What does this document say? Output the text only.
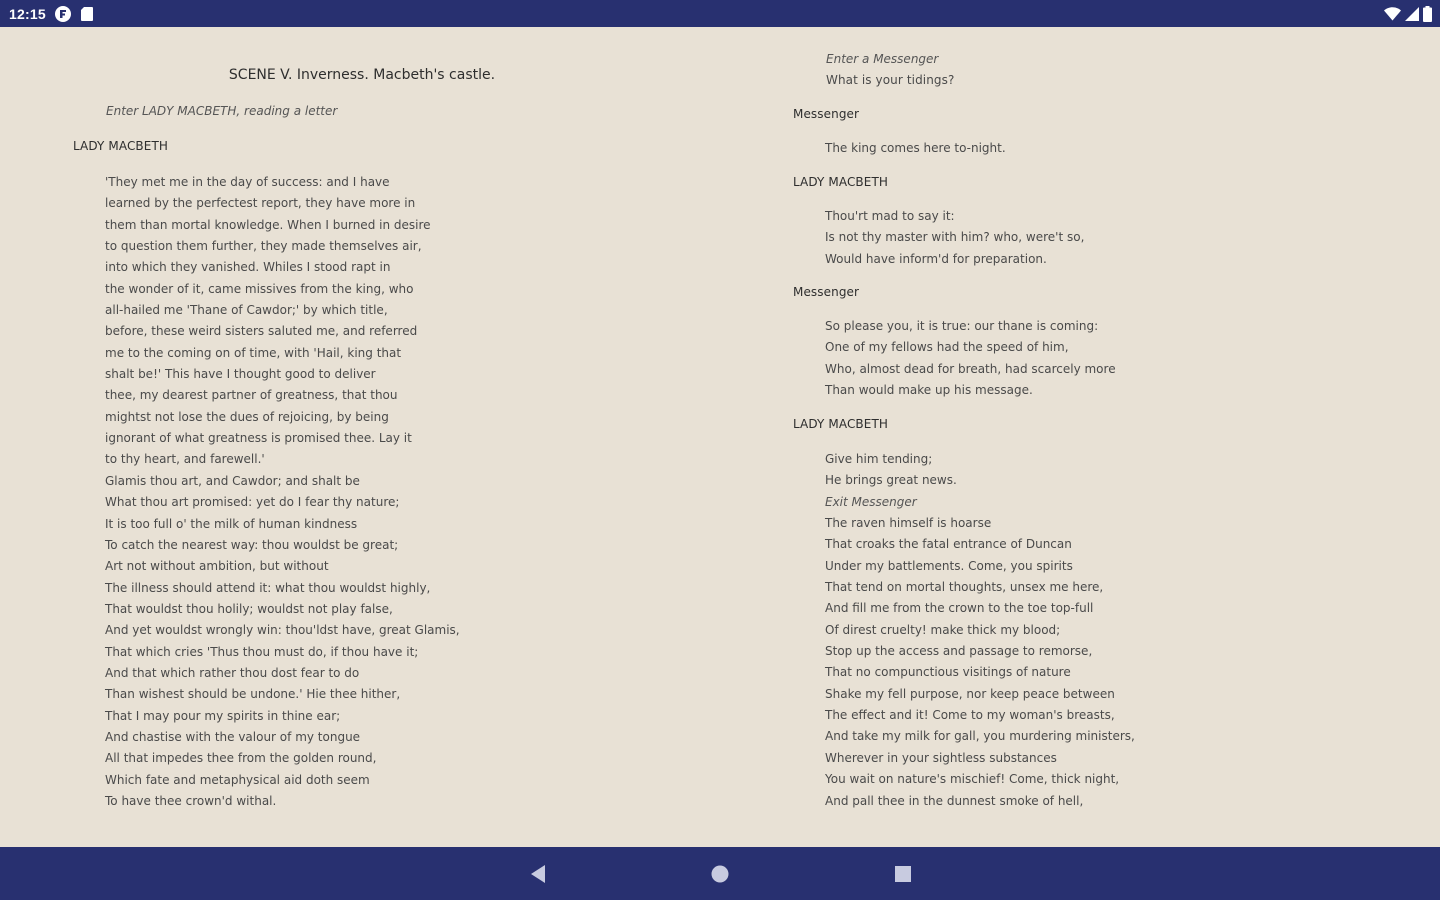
12:15
SCENE V. Inverness. Macbeth's castle.
Enter LADY MACBETH, reading a letter
LADY MACBETH
'They met me in the day of success: and I have
learned by the perfectest report, they have more in
them than mortal knowledge. When I burned in desire
to question them further, they made themselves air,
into which they vanished. Whiles I stood rapt in
the wonder of it, came missives from the king, who
all-hailed me 'Thane of Cawdor;' by which title,
before, these weird sisters saluted me, and referred
me to the coming on of time, with 'Hail, king that
shalt be!' This have I thought good to deliver
thee, my dearest partner of greatness, that thou
mightst not lose the dues of rejoicing, by being
ignorant of what greatness is promised thee. Lay it
to thy heart, and farewell.'
Glamis thou art, and Cawdor; and shalt be
What thou art promised: yet do I fear thy nature;
It is too full o' the milk of human kindness
To catch the nearest way: thou wouldst be great;
Art not without ambition, but without
The illness should attend it: what thou wouldst highly,
That wouldst thou holily; wouldst not play false,
And yet wouldst wrongly win: thou'ldst have, great Glamis,
That which cries 'Thus thou must do, if thou have it;
And that which rather thou dost fear to do
Than wishest should be undone.' Hie thee hither,
That I may pour my spirits in thine ear;
And chastise with the valour of my tongue
All that impedes thee from the golden round,
Which fate and metaphysical aid doth seem
To have thee crown'd withal.
Enter a Messenger
What is your tidings?
Messenger
The king comes here to-night.
LADY MACBETH
Thou'rt mad to say it:
Is not thy master with him? who, were't so,
Would have inform'd for preparation.
Messenger
So please you, it is true: our thane is coming:
One of my fellows had the speed of him,
Who, almost dead for breath, had scarcely more
Than would make up his message.
LADY MACBETH
Give him tending;
He brings great news.
Exit Messenger
The raven himself is hoarse
That croaks the fatal entrance of Duncan
Under my battlements. Come, you spirits
That tend on mortal thoughts, unsex me here,
And fill me from the crown to the toe top-full
Of direst cruelty! make thick my blood;
Stop up the access and passage to remorse,
That no compunctious visitings of nature
Shake my fell purpose, nor keep peace between
The effect and it! Come to my woman's breasts,
And take my milk for gall, you murdering ministers,
Wherever in your sightless substances
You wait on nature's mischief! Come, thick night,
And pall thee in the dunnest smoke of hell,
